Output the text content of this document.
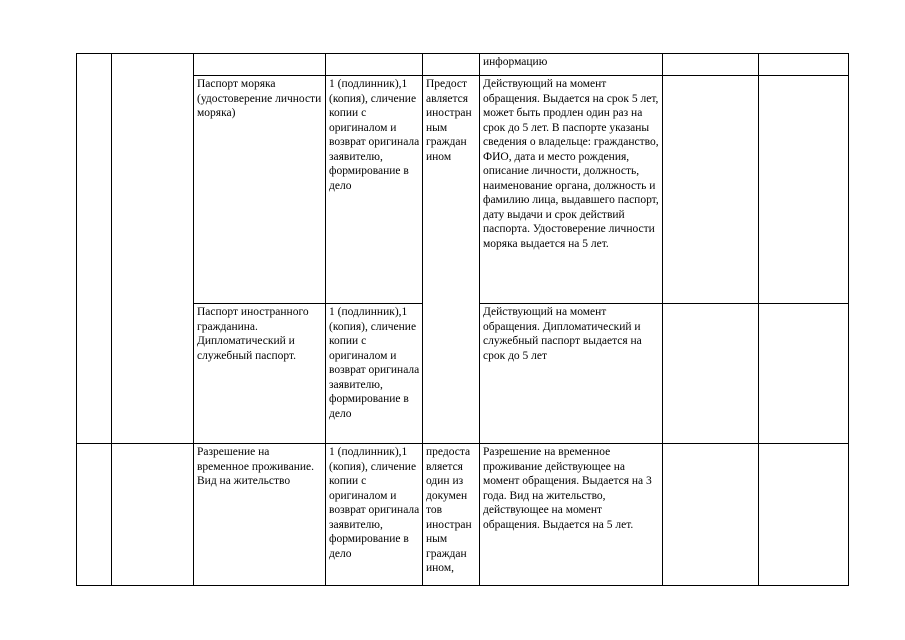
					информацию		
		Паспорт моряка (удостоверение личности моряка)	1 (подлинник),1 (копия), сличение копии с оригиналом и возврат оригинала заявителю, формирование в дело	Предост авляется иностран ным граждан ином	Действующий на момент обращения. Выдается на срок 5 лет, может быть продлен один раз на срок до 5 лет. В паспорте указаны сведения о владельце: гражданство, ФИО, дата и место рождения, описание личности, должность, наименование органа, должность и фамилию лица, выдавшего паспорт, дату выдачи и срок действий паспорта. Удостоверение личности моряка выдается на 5 лет.		
		Паспорт иностранного гражданина. Дипломатический и служебный паспорт.	1 (подлинник),1 (копия), сличение копии с оригиналом и возврат оригинала заявителю, формирование в дело		Действующий на момент обращения. Дипломатический и служебный паспорт выдается на срок до 5 лет		
		Разрешение на временное проживание. Вид на жительство	1 (подлинник),1 (копия), сличение копии с оригиналом и возврат оригинала заявителю, формирование в дело	предоста вляется один из докумен тов иностран ным граждан ином,	Разрешение на временное проживание действующее на момент обращения. Выдается на 3 года. Вид на жительство, действующее на момент обращения. Выдается на 5 лет.		
